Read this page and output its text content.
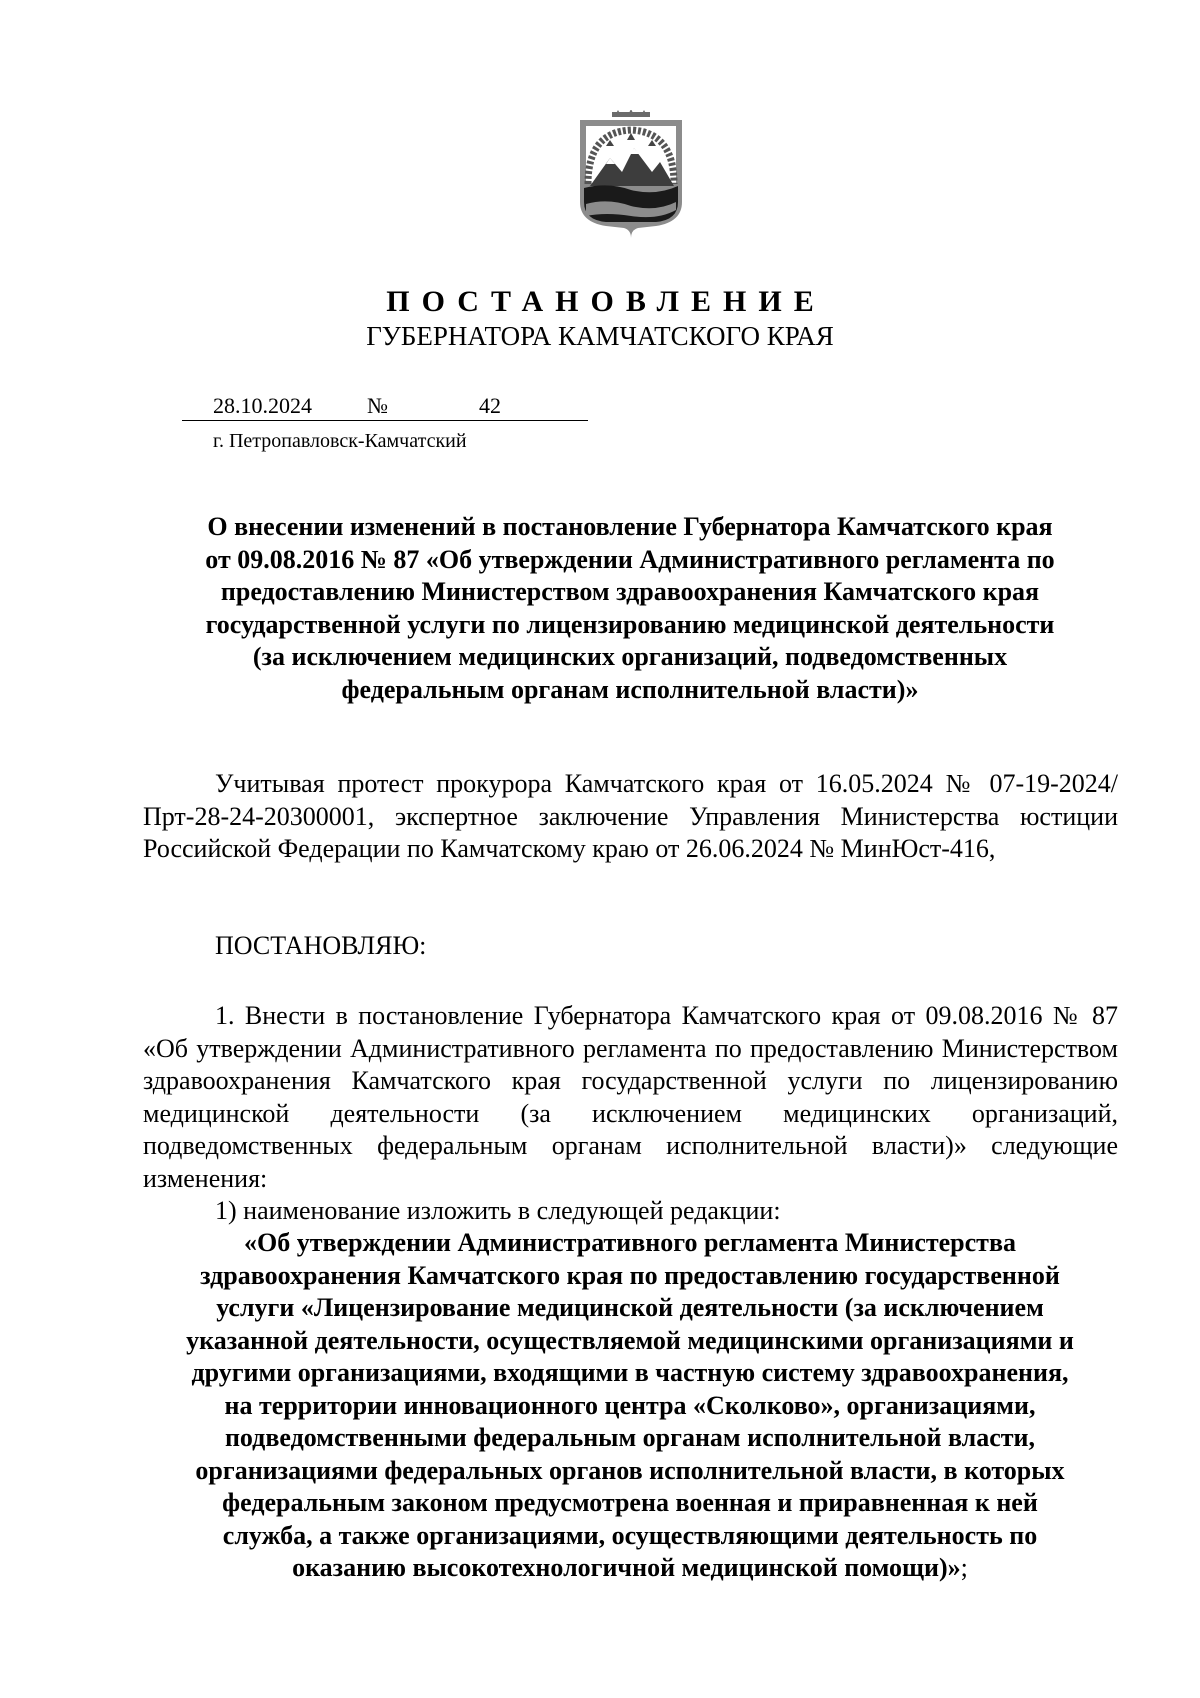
ПОСТАНОВЛЕНИЕ
ГУБЕРНАТОРА КАМЧАТСКОГО КРАЯ
28.10.2024	№	42
г. Петропавловск-Камчатский
О внесении изменений в постановление Губернатора Камчатского края
от 09.08.2016 № 87 «Об утверждении Административного регламента по
предоставлению Министерством здравоохранения Камчатского края
государственной услуги по лицензированию медицинской деятельности
(за исключением медицинских организаций, подведомственных
федеральным органам исполнительной власти)»
Учитывая протест прокурора Камчатского края от 16.05.2024 № 07-19-2024/Прт-28-24-20300001, экспертное заключение Управления Министерства юстиции Российской Федерации по Камчатскому краю от 26.06.2024 № МинЮст-416,
ПОСТАНОВЛЯЮ:
1. Внести в постановление Губернатора Камчатского края от 09.08.2016 № 87 «Об утверждении Административного регламента по предоставлению Министерством здравоохранения Камчатского края государственной услуги по лицензированию медицинской деятельности (за исключением медицинских организаций, подведомственных федеральным органам исполнительной власти)» следующие изменения:
1) наименование изложить в следующей редакции:
«Об утверждении Административного регламента Министерства
здравоохранения Камчатского края по предоставлению государственной
услуги «Лицензирование медицинской деятельности (за исключением
указанной деятельности, осуществляемой медицинскими организациями и
другими организациями, входящими в частную систему здравоохранения,
на территории инновационного центра «Сколково», организациями,
подведомственными федеральным органам исполнительной власти,
организациями федеральных органов исполнительной власти, в которых
федеральным законом предусмотрена военная и приравненная к ней
служба, а также организациями, осуществляющими деятельность по
оказанию высокотехнологичной медицинской помощи)»;
